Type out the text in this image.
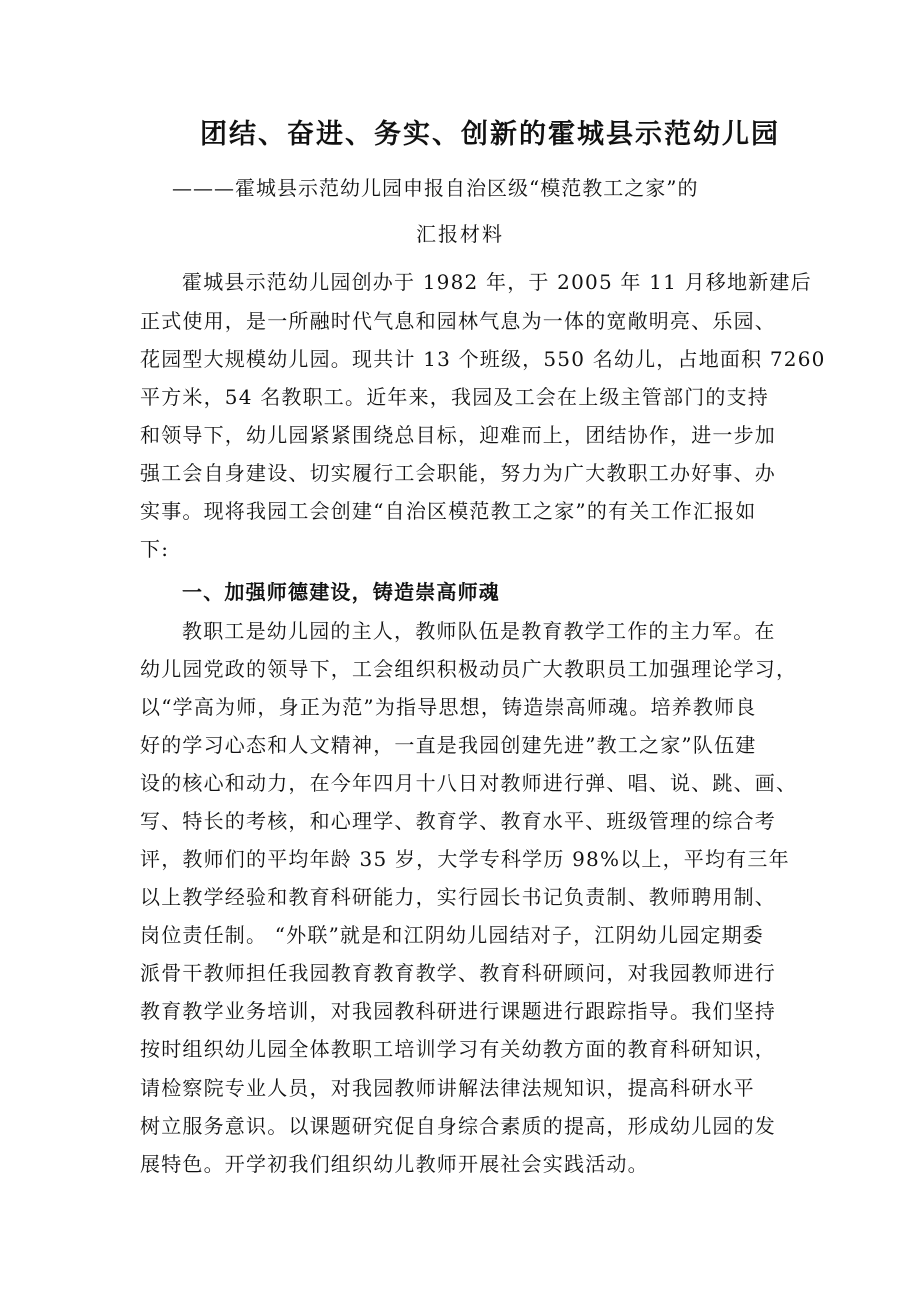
团结、奋进、务实、创新的霍城县示范幼儿园
———霍城县示范幼儿园申报自治区级“模范教工之家”的
汇报材料
霍城县示范幼儿园创办于 1982 年，于 2005 年 11 月移地新建后
正式使用，是一所融时代气息和园林气息为一体的宽敞明亮、乐园、
花园型大规模幼儿园。现共计 13 个班级，550 名幼儿，占地面积 7260
平方米，54 名教职工。近年来，我园及工会在上级主管部门的支持
和领导下，幼儿园紧紧围绕总目标，迎难而上，团结协作，进一步加
强工会自身建设、切实履行工会职能，努力为广大教职工办好事、办
实事。现将我园工会创建“自治区模范教工之家”的有关工作汇报如
下:
一、加强师德建设，铸造崇高师魂
教职工是幼儿园的主人，教师队伍是教育教学工作的主力军。在
幼儿园党政的领导下，工会组织积极动员广大教职员工加强理论学习，
以“学高为师，身正为范”为指导思想，铸造崇高师魂。培养教师良
好的学习心态和人文精神，一直是我园创建先进”教工之家”队伍建
设的核心和动力，在今年四月十八日对教师进行弹、唱、说、跳、画、
写、特长的考核，和心理学、教育学、教育水平、班级管理的综合考
评，教师们的平均年龄 35 岁，大学专科学历 98%以上，平均有三年
以上教学经验和教育科研能力，实行园长书记负责制、教师聘用制、
岗位责任制。 “外联”就是和江阴幼儿园结对子，江阴幼儿园定期委
派骨干教师担任我园教育教育教学、教育科研顾问，对我园教师进行
教育教学业务培训，对我园教科研进行课题进行跟踪指导。我们坚持
按时组织幼儿园全体教职工培训学习有关幼教方面的教育科研知识，
请检察院专业人员，对我园教师讲解法律法规知识，提高科研水平
树立服务意识。以课题研究促自身综合素质的提高，形成幼儿园的发
展特色。开学初我们组织幼儿教师开展社会实践活动。
